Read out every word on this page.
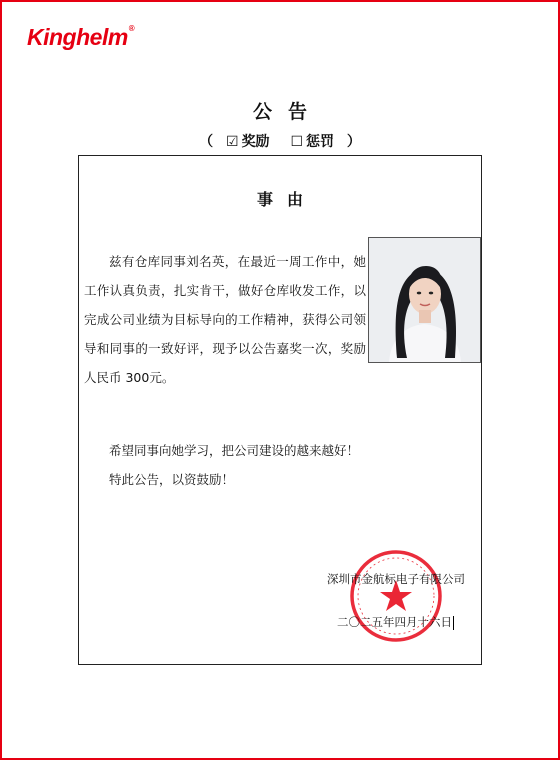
Kinghelm®
公告
（ ☑ 奖励 ☐ 惩罚 ）
事由

兹有仓库同事刘名英，在最近一周工作中，她工作认真负责，扎实肯干，做好仓库收发工作，以完成公司业绩为目标导向的工作精神，获得公司领导和同事的一致好评，现予以公告嘉奖一次，奖励人民币 300元。

希望同事向她学习，把公司建设的越来越好！

特此公告，以资鼓励！

深圳市金航标电子有限公司
二〇二五年四月十六日
